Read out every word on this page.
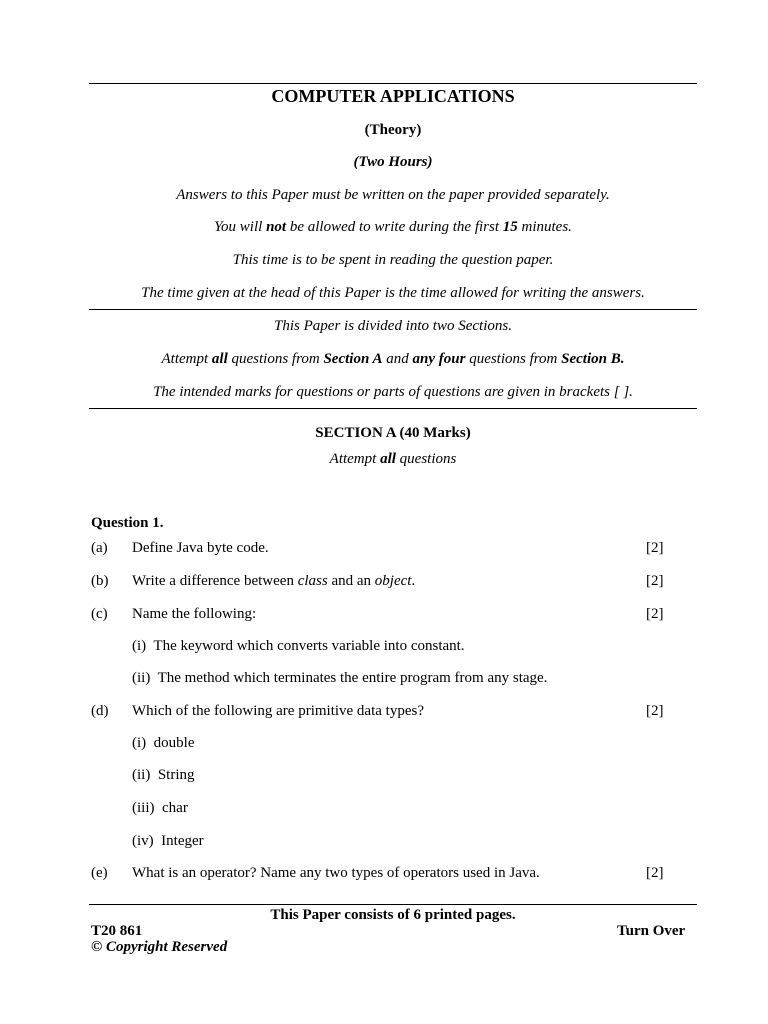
COMPUTER APPLICATIONS
(Theory)
(Two Hours)
Answers to this Paper must be written on the paper provided separately.
You will not be allowed to write during the first 15 minutes.
This time is to be spent in reading the question paper.
The time given at the head of this Paper is the time allowed for writing the answers.
This Paper is divided into two Sections.
Attempt all questions from Section A and any four questions from Section B.
The intended marks for questions or parts of questions are given in brackets [ ].
SECTION A (40 Marks)
Attempt all questions
Question 1.
(a) Define Java byte code.	[2]
(b) Write a difference between class and an object.	[2]
(c) Name the following:	[2]
(i) The keyword which converts variable into constant.
(ii) The method which terminates the entire program from any stage.
(d) Which of the following are primitive data types?	[2]
(i) double
(ii) String
(iii) char
(iv) Integer
(e) What is an operator? Name any two types of operators used in Java.	[2]
This Paper consists of 6 printed pages.
T20 861	Turn Over
© Copyright Reserved
